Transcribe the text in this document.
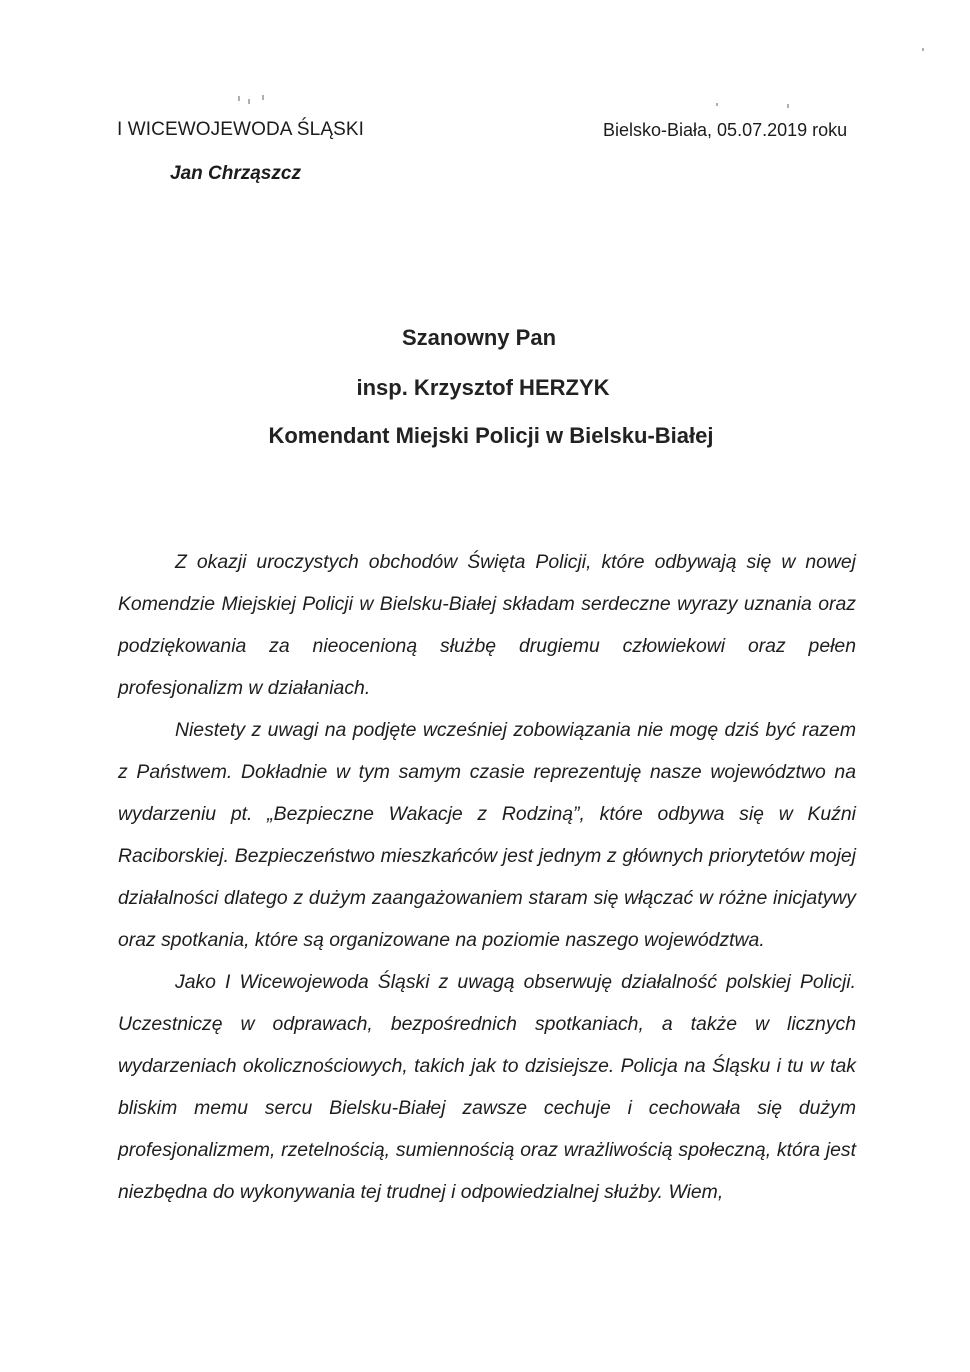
I WICEWOJEWODA ŚLĄSKI
Jan Chrząszcz
Bielsko-Biała, 05.07.2019 roku
Szanowny Pan
insp. Krzysztof HERZYK
Komendant Miejski Policji w Bielsku-Białej

Z okazji uroczystych obchodów Święta Policji, które odbywają się w nowej Komendzie Miejskiej Policji w Bielsku-Białej składam serdeczne wyrazy uznania oraz podziękowania za nieocenioną służbę drugiemu człowiekowi oraz pełen profesjonalizm w działaniach.

Niestety z uwagi na podjęte wcześniej zobowiązania nie mogę dziś być razem z Państwem. Dokładnie w tym samym czasie reprezentuję nasze województwo na wydarzeniu pt. „Bezpieczne Wakacje z Rodziną”, które odbywa się w Kuźni Raciborskiej. Bezpieczeństwo mieszkańców jest jednym z głównych priorytetów mojej działalności dlatego z dużym zaangażowaniem staram się włączać w różne inicjatywy oraz spotkania, które są organizowane na poziomie naszego województwa.

Jako I Wicewojewoda Śląski z uwagą obserwuję działalność polskiej Policji. Uczestniczę w odprawach, bezpośrednich spotkaniach, a także w licznych wydarzeniach okolicznościowych, takich jak to dzisiejsze. Policja na Śląsku i tu w tak bliskim memu sercu Bielsku-Białej zawsze cechuje i cechowała się dużym profesjonalizmem, rzetelnością, sumiennością oraz wrażliwością społeczną, która jest niezbędna do wykonywania tej trudnej i odpowiedzialnej służby. Wiem,
